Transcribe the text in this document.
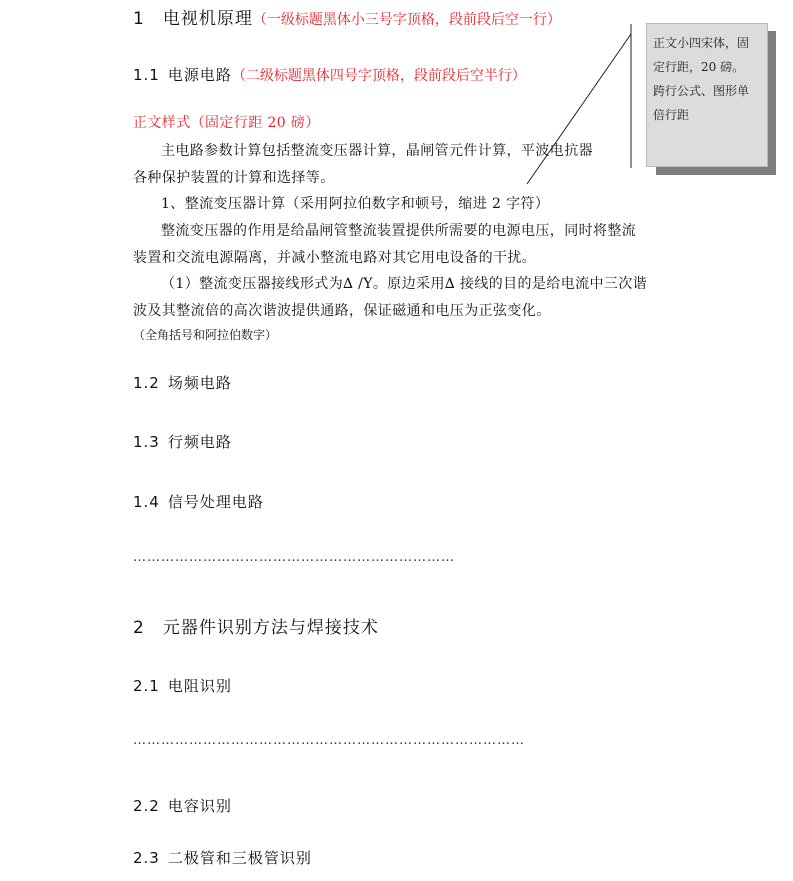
1 电视机原理（一级标题黑体小三号字顶格，段前段后空一行）
1.1 电源电路（二级标题黑体四号字顶格，段前段后空半行）
正文样式（固定行距 20 磅）
主电路参数计算包括整流变压器计算，晶闸管元件计算，平波电抗器
各种保护装置的计算和选择等。
1、整流变压器计算（采用阿拉伯数字和顿号，缩进 2 字符）
整流变压器的作用是给晶闸管整流装置提供所需要的电源电压，同时将整流
装置和交流电源隔离，并减小整流电路对其它用电设备的干扰。
（1）整流变压器接线形式为∆ /Y。原边采用∆ 接线的目的是给电流中三次谐
波及其整流倍的高次谐波提供通路，保证磁通和电压为正弦变化。
（全角括号和阿拉伯数字）
1.2 场频电路
1.3 行频电路
1.4 信号处理电路
……………………………………………………………
2 元器件识别方法与焊接技术
2.1 电阻识别
…………………………………………………………………………
2.2 电容识别
2.3 二极管和三极管识别
正文小四宋体，固
定行距，20 磅。
跨行公式、图形单
倍行距
